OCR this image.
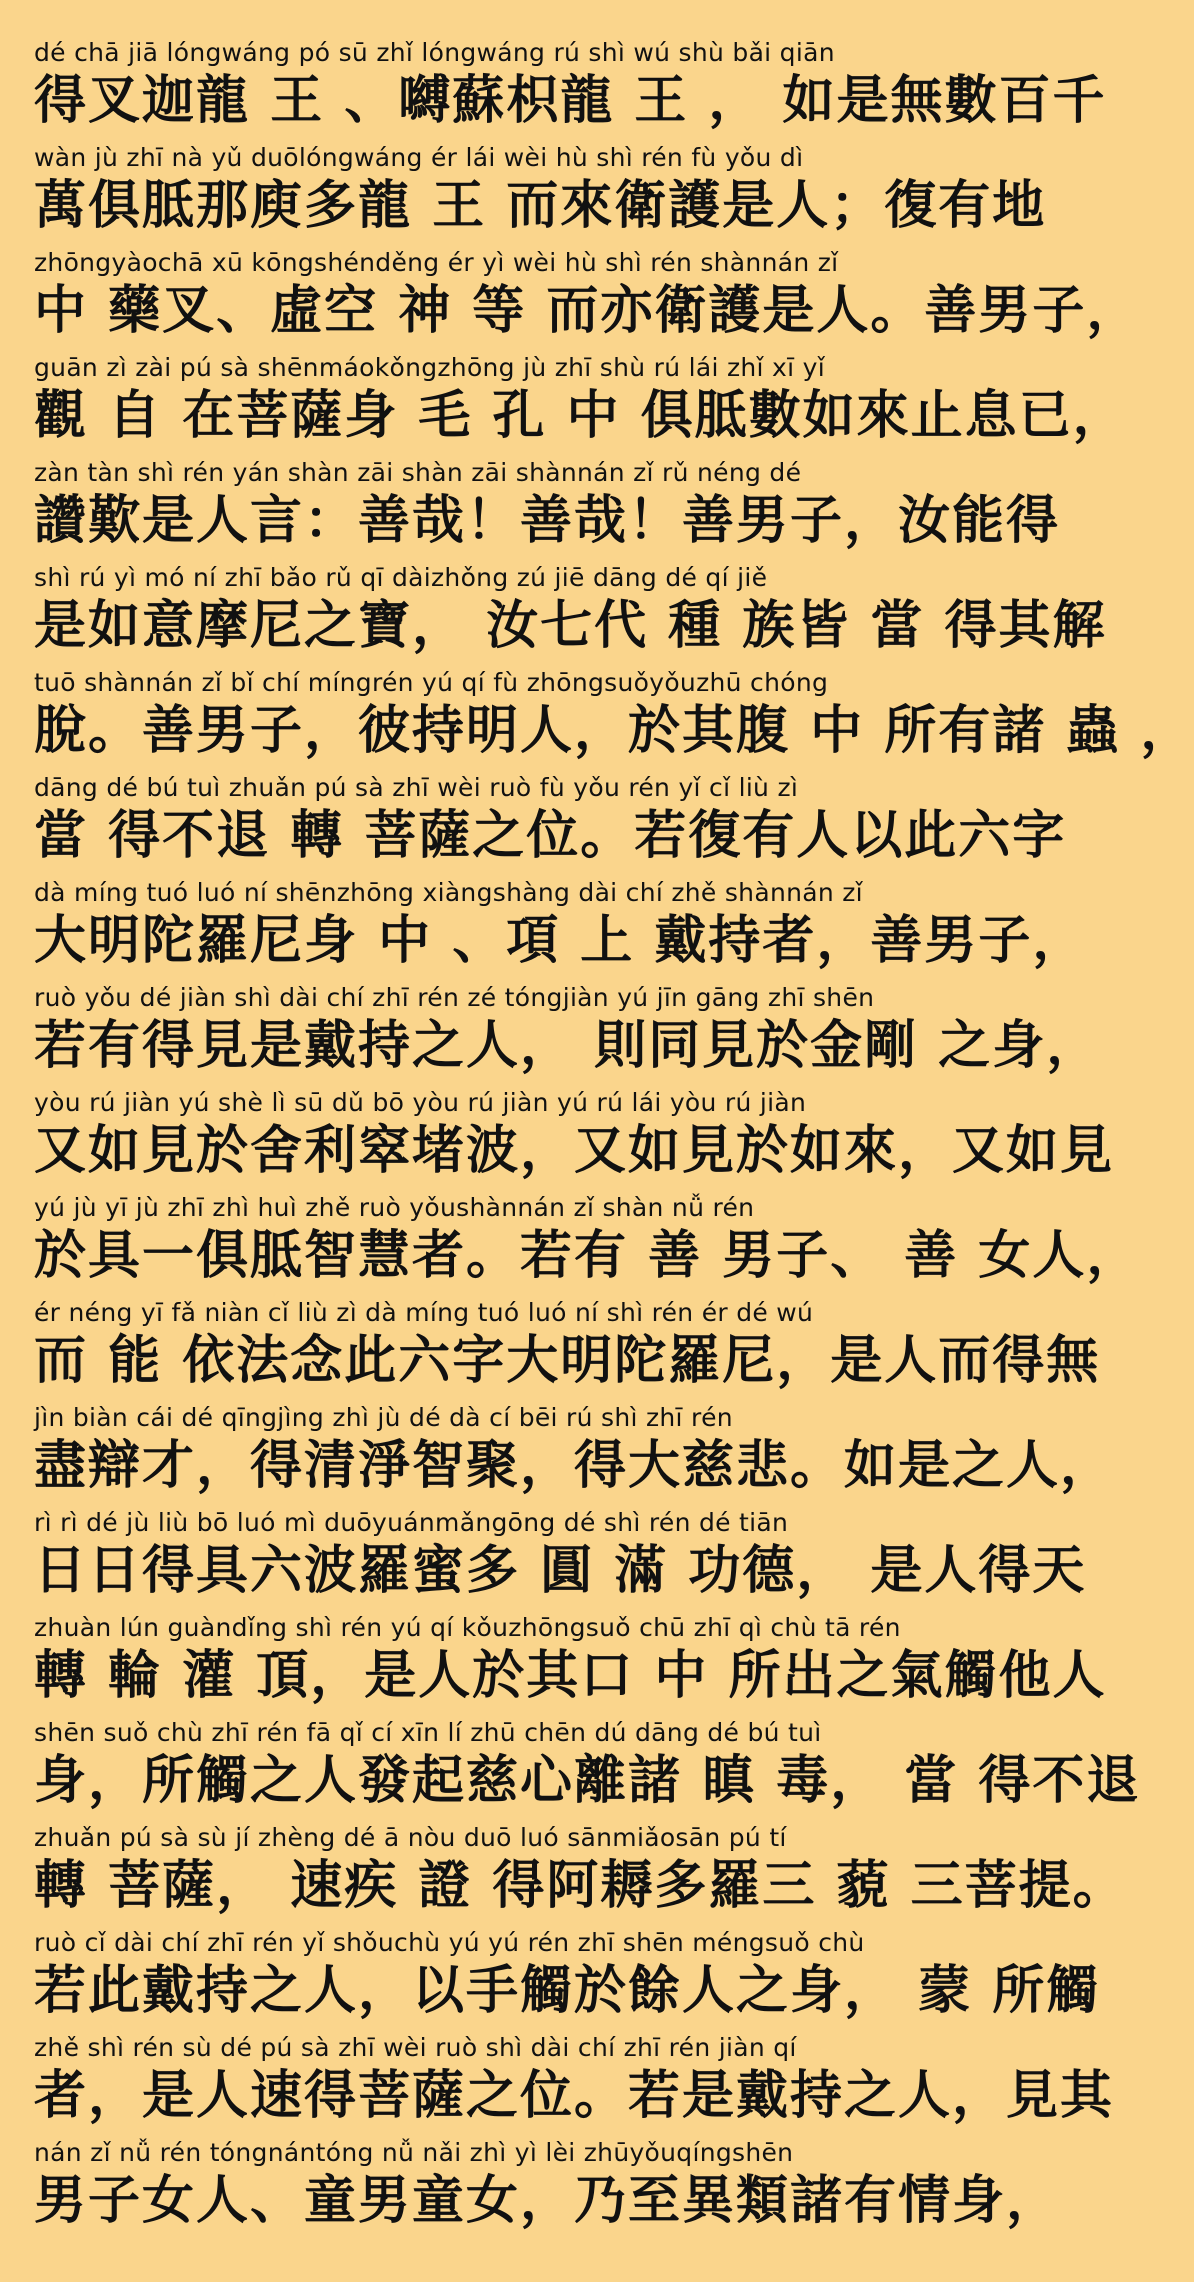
dé chā jiā lóngwáng pó sū zhǐ lóngwáng rú shì wú shù bǎi qiān
得叉迦龍 王 、嚩蘇枳龍 王 ， 如是無數百千
wàn jù zhī nà yǔ duōlóngwáng ér lái wèi hù shì rén fù yǒu dì
萬俱胝那庾多龍 王 而來衛護是人；復有地
zhōngyàochā xū kōngshénděng ér yì wèi hù shì rén shànnán zǐ
中 藥叉、虛空 神 等 而亦衛護是人。善男子，
guān zì zài pú sà shēnmáokǒngzhōng jù zhī shù rú lái zhǐ xī yǐ
觀 自 在菩薩身 毛 孔 中 俱胝數如來止息已，
zàn tàn shì rén yán shàn zāi shàn zāi shànnán zǐ rǔ néng dé
讚歎是人言：善哉！善哉！善男子，汝能得
shì rú yì mó ní zhī bǎo rǔ qī dàizhǒng zú jiē dāng dé qí jiě
是如意摩尼之寶， 汝七代 種 族皆 當 得其解
tuō shànnán zǐ bǐ chí míngrén yú qí fù zhōngsuǒyǒuzhū chóng
脫。善男子，彼持明人，於其腹 中 所有諸 蟲 ，
dāng dé bú tuì zhuǎn pú sà zhī wèi ruò fù yǒu rén yǐ cǐ liù zì
當 得不退 轉 菩薩之位。若復有人以此六字
dà míng tuó luó ní shēnzhōng xiàngshàng dài chí zhě shànnán zǐ
大明陀羅尼身 中 、項 上 戴持者，善男子，
ruò yǒu dé jiàn shì dài chí zhī rén zé tóngjiàn yú jīn gāng zhī shēn
若有得見是戴持之人， 則同見於金剛 之身，
yòu rú jiàn yú shè lì sū dǔ bō yòu rú jiàn yú rú lái yòu rú jiàn
又如見於舍利窣堵波，又如見於如來，又如見
yú jù yī jù zhī zhì huì zhě ruò yǒushànnán zǐ shàn nǚ rén
於具一俱胝智慧者。若有 善 男子、 善 女人，
ér néng yī fǎ niàn cǐ liù zì dà míng tuó luó ní shì rén ér dé wú
而 能 依法念此六字大明陀羅尼，是人而得無
jìn biàn cái dé qīngjìng zhì jù dé dà cí bēi rú shì zhī rén
盡辯才，得清淨智聚，得大慈悲。如是之人，
rì rì dé jù liù bō luó mì duōyuánmǎngōng dé shì rén dé tiān
日日得具六波羅蜜多 圓 滿 功德， 是人得天
zhuàn lún guàndǐng shì rén yú qí kǒuzhōngsuǒ chū zhī qì chù tā rén
轉 輪 灌 頂，是人於其口 中 所出之氣觸他人
shēn suǒ chù zhī rén fā qǐ cí xīn lí zhū chēn dú dāng dé bú tuì
身，所觸之人發起慈心離諸 瞋 毒， 當 得不退
zhuǎn pú sà sù jí zhèng dé ā nòu duō luó sānmiǎosān pú tí
轉 菩薩， 速疾 證 得阿耨多羅三 藐 三菩提。
ruò cǐ dài chí zhī rén yǐ shǒuchù yú yú rén zhī shēn méngsuǒ chù
若此戴持之人，以手觸於餘人之身， 蒙 所觸
zhě shì rén sù dé pú sà zhī wèi ruò shì dài chí zhī rén jiàn qí
者，是人速得菩薩之位。若是戴持之人，見其
nán zǐ nǚ rén tóngnántóng nǚ nǎi zhì yì lèi zhūyǒuqíngshēn
男子女人、童男童女，乃至異類諸有情身，
